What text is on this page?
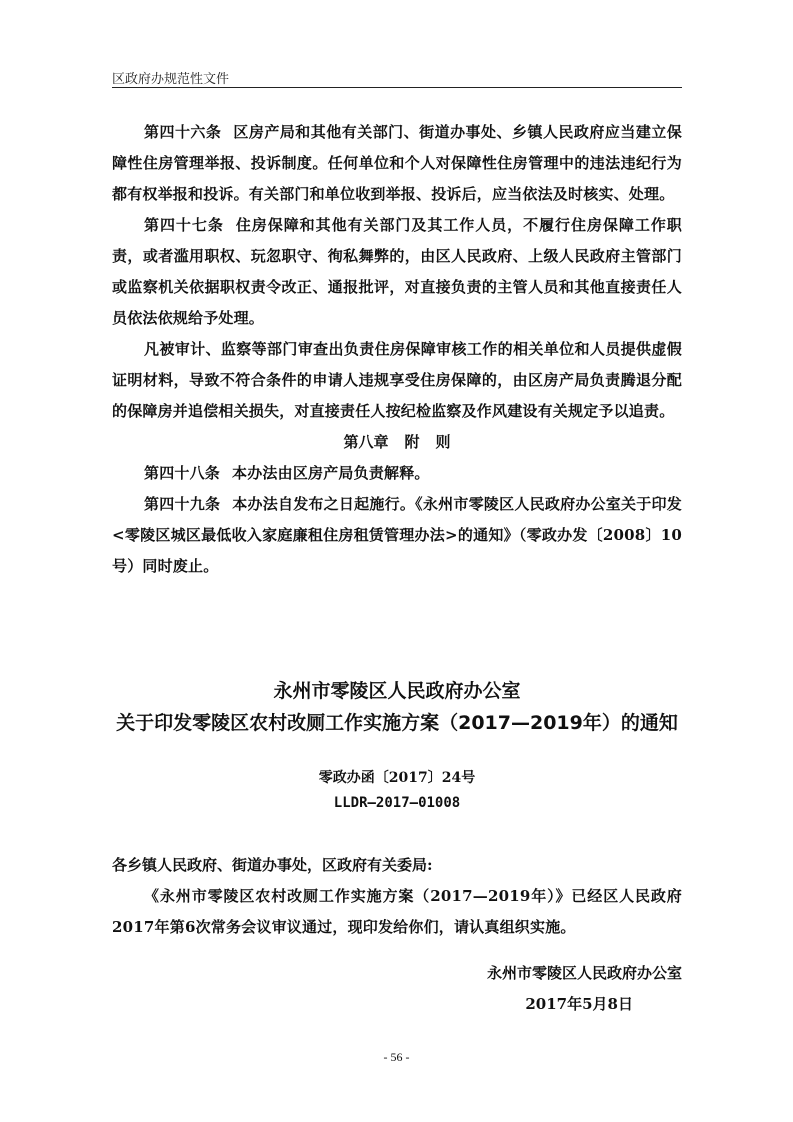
区政府办规范性文件

第四十六条 区房产局和其他有关部门、街道办事处、乡镇人民政府应当建立保障性住房管理举报、投诉制度。任何单位和个人对保障性住房管理中的违法违纪行为都有权举报和投诉。有关部门和单位收到举报、投诉后，应当依法及时核实、处理。

第四十七条 住房保障和其他有关部门及其工作人员，不履行住房保障工作职责，或者滥用职权、玩忽职守、徇私舞弊的，由区人民政府、上级人民政府主管部门或监察机关依据职权责令改正、通报批评，对直接负责的主管人员和其他直接责任人员依法依规给予处理。

凡被审计、监察等部门审查出负责住房保障审核工作的相关单位和人员提供虚假证明材料，导致不符合条件的申请人违规享受住房保障的，由区房产局负责腾退分配的保障房并追偿相关损失，对直接责任人按纪检监察及作风建设有关规定予以追责。

第八章 附 则

第四十八条 本办法由区房产局负责解释。

第四十九条 本办法自发布之日起施行。《永州市零陵区人民政府办公室关于印发<零陵区城区最低收入家庭廉租住房租赁管理办法>的通知》（零政办发〔2008〕10号）同时废止。

永州市零陵区人民政府办公室
关于印发零陵区农村改厕工作实施方案（2017—2019年）的通知
零政办函〔2017〕24号
LLDR—2017—01008

各乡镇人民政府、街道办事处，区政府有关委局:

《永州市零陵区农村改厕工作实施方案（2017—2019年）》已经区人民政府2017年第6次常务会议审议通过，现印发给你们，请认真组织实施。

永州市零陵区人民政府办公室
2017年5月8日
- 56 -
